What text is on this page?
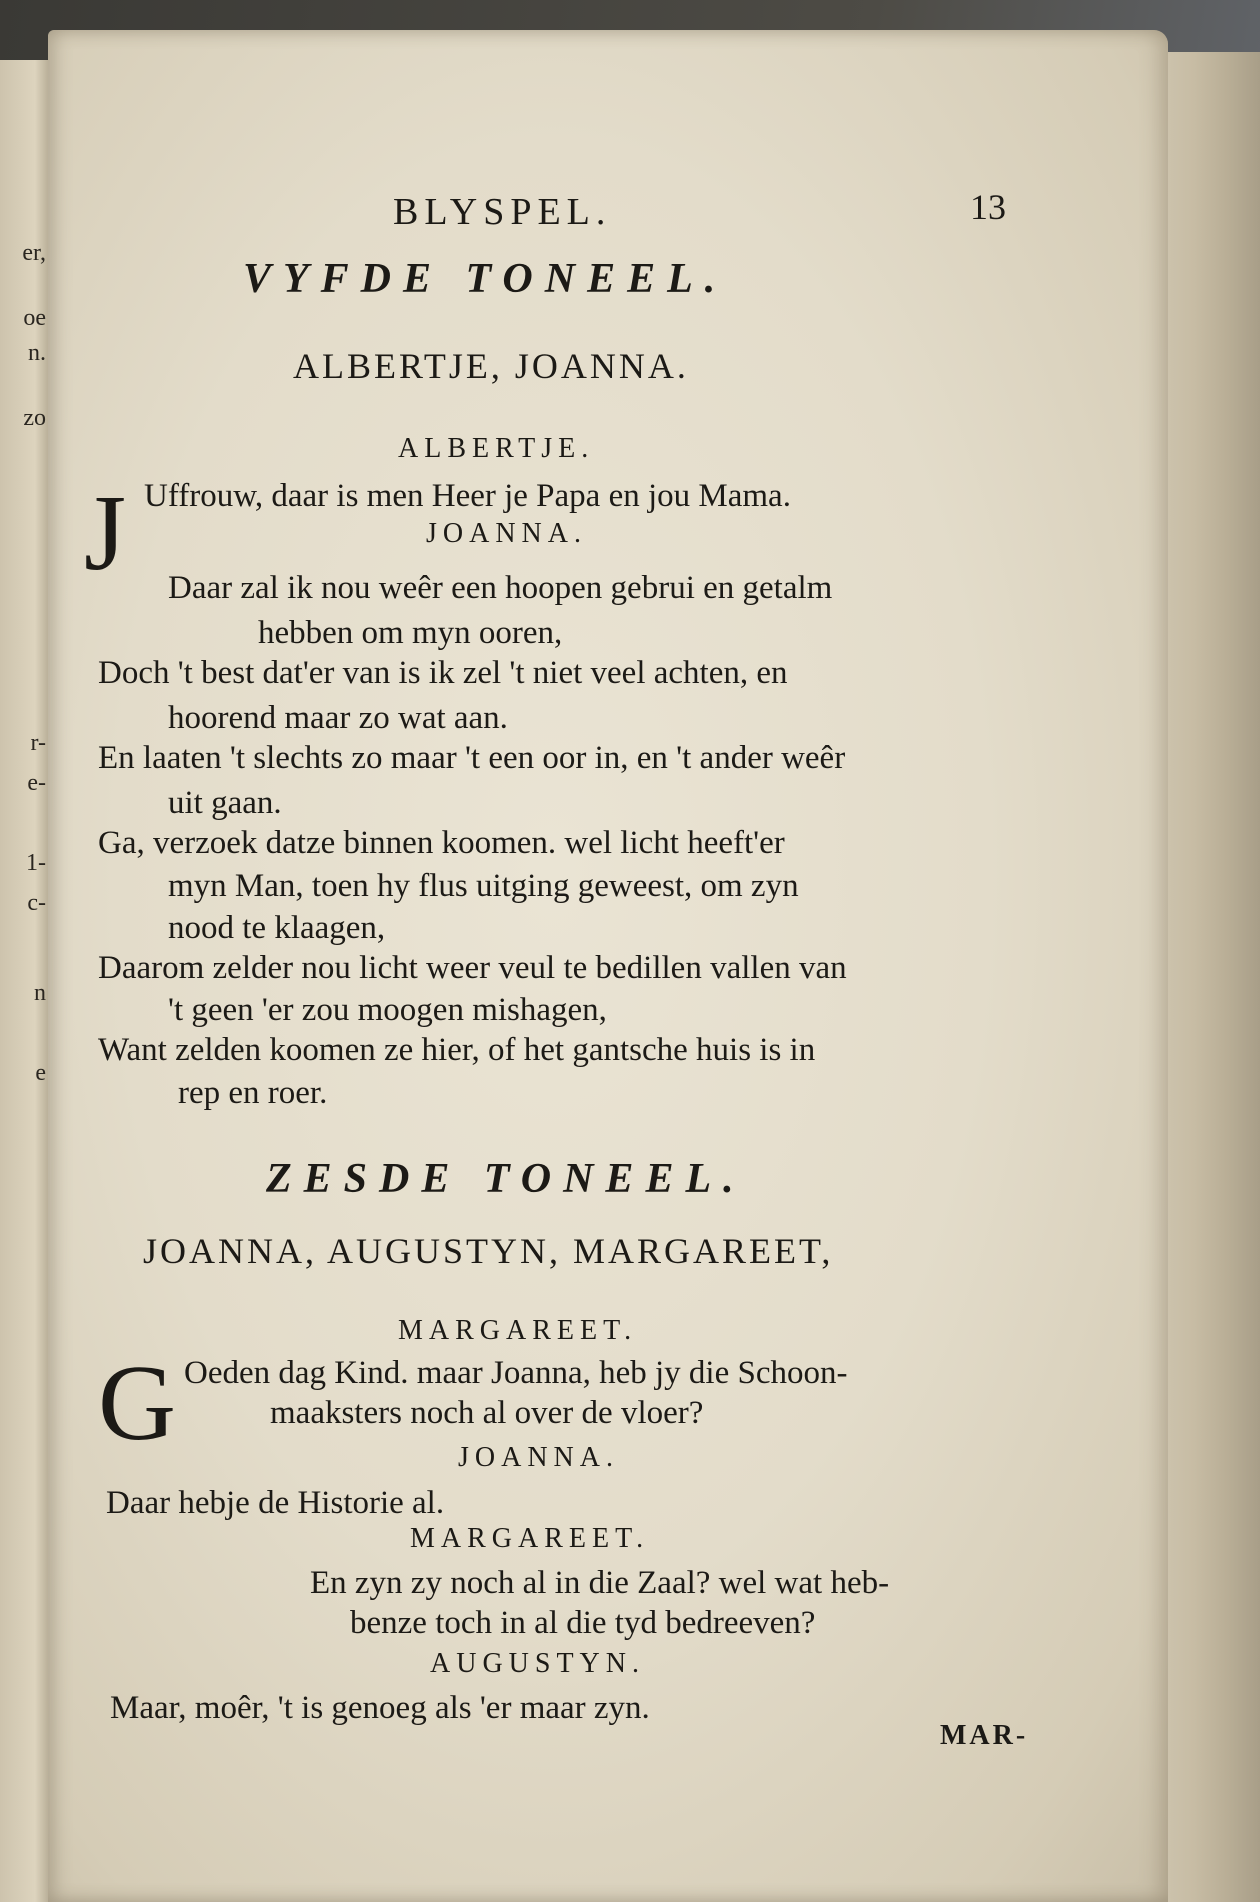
er,
oe
n.
zo
r-
e-
1-
c-
n
e
BLYSPEL.	13
VYFDE TONEEL.
ALBERTJE, JOANNA.
ALBERTJE.
J Uffrouw, daar is men Heer je Papa en jou Mama.
JOANNA.
Daar zal ik nou weêr een hoopen gebrui en getalm
hebben om myn ooren,
Doch 't best dat'er van is ik zel 't niet veel achten, en
hoorend maar zo wat aan.
En laaten 't slechts zo maar 't een oor in, en 't ander weêr
uit gaan.
Ga, verzoek datze binnen koomen. wel licht heeft'er
myn Man, toen hy flus uitging geweest, om zyn
nood te klaagen,
Daarom zelder nou licht weer veul te bedillen vallen van
't geen 'er zou moogen mishagen,
Want zelden koomen ze hier, of het gantsche huis is in
rep en roer.
ZESDE TONEEL.
JOANNA, AUGUSTYN, MARGAREET,
MARGAREET.
G Oeden dag Kind. maar Joanna, heb jy die Schoon-
maaksters noch al over de vloer?
JOANNA.
Daar hebje de Historie al.
MARGAREET.
En zyn zy noch al in die Zaal? wel wat heb-
benze toch in al die tyd bedreeven?
AUGUSTYN.
Maar, moêr, 't is genoeg als 'er maar zyn.
MAR-
